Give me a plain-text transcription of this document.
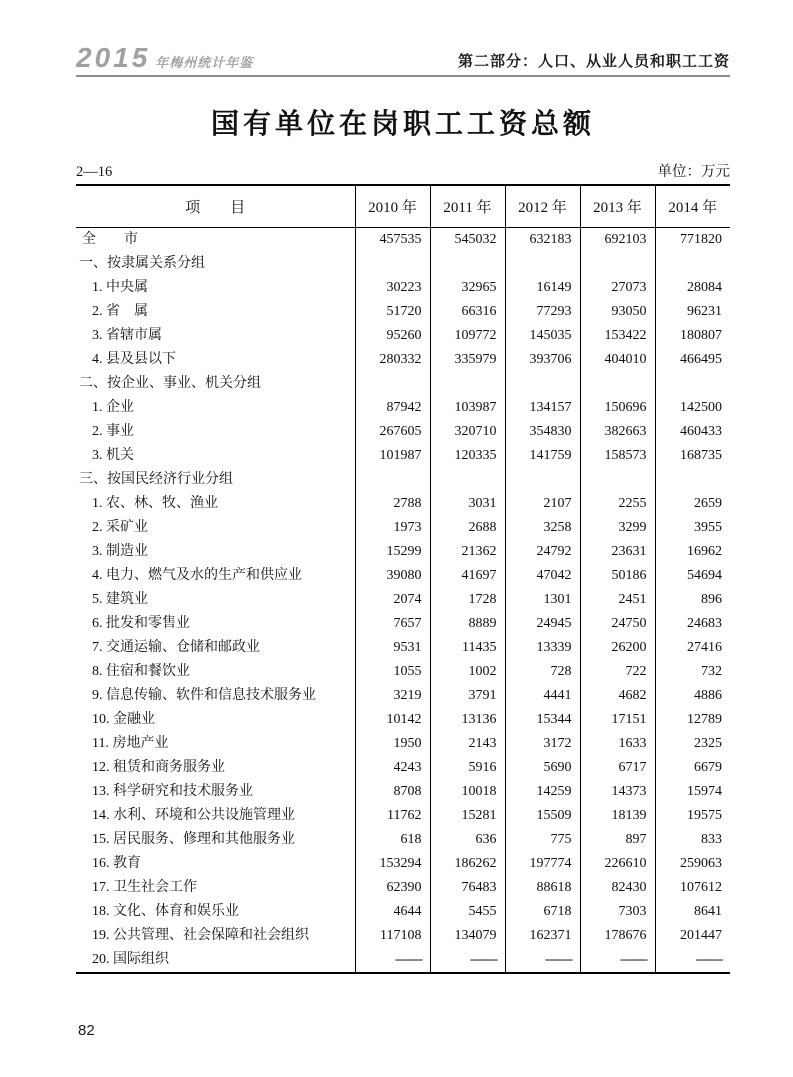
2015 年梅州统计年鉴	第二部分：人口、从业人员和职工工资
国有单位在岗职工工资总额
2—16	单位：万元
项　　目	2010 年	2011 年	2012 年	2013 年	2014 年
全　　市	457535	545032	632183	692103	771820
一、按隶属关系分组					
1. 中央属	30223	32965	16149	27073	28084
2. 省　属	51720	66316	77293	93050	96231
3. 省辖市属	95260	109772	145035	153422	180807
4. 县及县以下	280332	335979	393706	404010	466495
二、按企业、事业、机关分组					
1. 企业	87942	103987	134157	150696	142500
2. 事业	267605	320710	354830	382663	460433
3. 机关	101987	120335	141759	158573	168735
三、按国民经济行业分组					
1. 农、林、牧、渔业	2788	3031	2107	2255	2659
2. 采矿业	1973	2688	3258	3299	3955
3. 制造业	15299	21362	24792	23631	16962
4. 电力、燃气及水的生产和供应业	39080	41697	47042	50186	54694
5. 建筑业	2074	1728	1301	2451	896
6. 批发和零售业	7657	8889	24945	24750	24683
7. 交通运输、仓储和邮政业	9531	11435	13339	26200	27416
8. 住宿和餐饮业	1055	1002	728	722	732
9. 信息传输、软件和信息技术服务业	3219	3791	4441	4682	4886
10. 金融业	10142	13136	15344	17151	12789
11. 房地产业	1950	2143	3172	1633	2325
12. 租赁和商务服务业	4243	5916	5690	6717	6679
13. 科学研究和技术服务业	8708	10018	14259	14373	15974
14. 水利、环境和公共设施管理业	11762	15281	15509	18139	19575
15. 居民服务、修理和其他服务业	618	636	775	897	833
16. 教育	153294	186262	197774	226610	259063
17. 卫生社会工作	62390	76483	88618	82430	107612
18. 文化、体育和娱乐业	4644	5455	6718	7303	8641
19. 公共管理、社会保障和社会组织	117108	134079	162371	178676	201447
20. 国际组织	——	——	——	——	——
82
